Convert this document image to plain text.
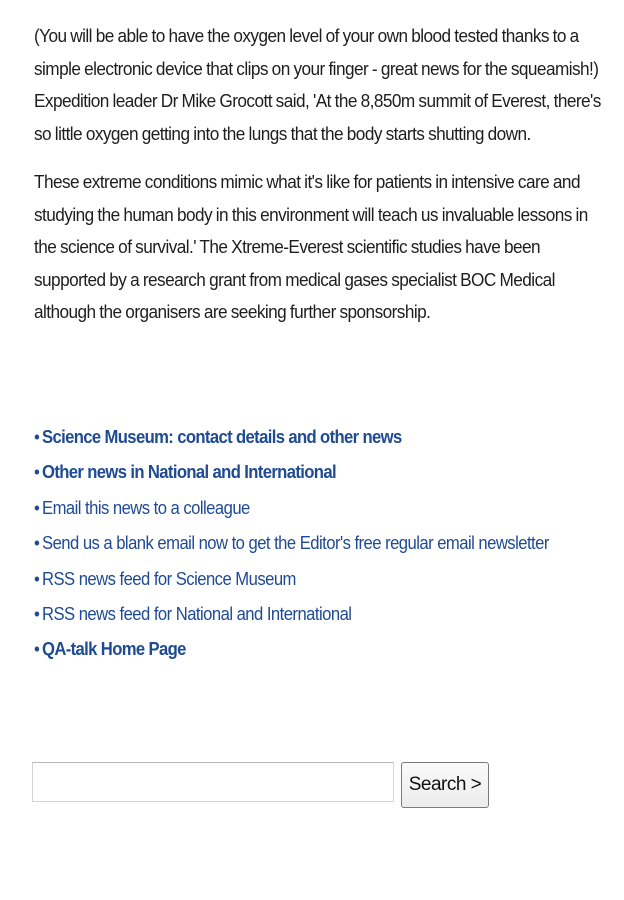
(You will be able to have the oxygen level of your own blood tested thanks to a simple electronic device that clips on your finger - great news for the squeamish!) Expedition leader Dr Mike Grocott said, 'At the 8,850m summit of Everest, there's so little oxygen getting into the lungs that the body starts shutting down.

These extreme conditions mimic what it's like for patients in intensive care and studying the human body in this environment will teach us invaluable lessons in the science of survival.' The Xtreme-Everest scientific studies have been supported by a research grant from medical gases specialist BOC Medical although the organisers are seeking further sponsorship.

• Science Museum: contact details and other news
• Other news in National and International
• Email this news to a colleague
• Send us a blank email now to get the Editor's free regular email newsletter
• RSS news feed for Science Museum
• RSS news feed for National and International
• QA-talk Home Page
Search >
